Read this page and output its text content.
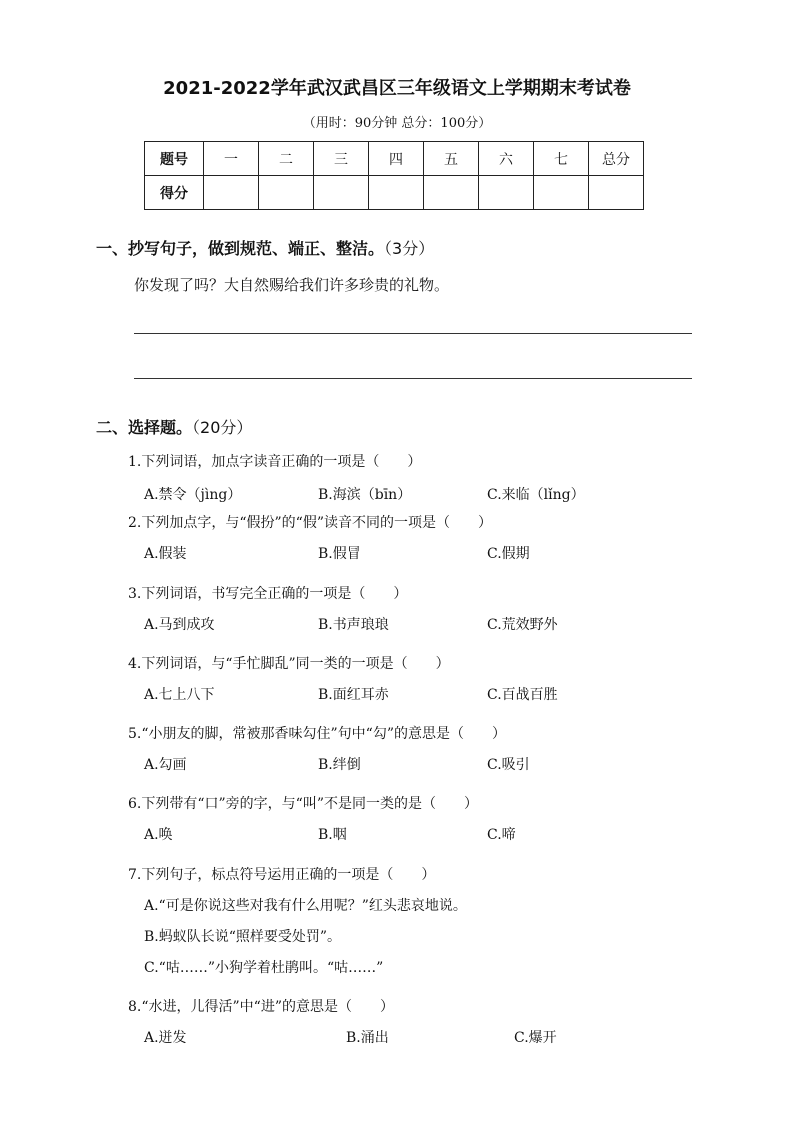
2021-2022学年武汉武昌区三年级语文上学期期末考试卷
（用时：90分钟 总分：100分）
题号	一	二	三	四	五	六	七	总分
得分								
一、抄写句子，做到规范、端正、整洁。（3分）
你发现了吗？大自然赐给我们许多珍贵的礼物。
二、选择题。（20分）
1.下列词语，加点字读音正确的一项是（　　）
A.禁令（jìng）	B.海滨（bīn）	C.来临（lǐng）
2.下列加点字，与“假扮”的“假”读音不同的一项是（　　）
A.假装	B.假冒	C.假期
3.下列词语，书写完全正确的一项是（　　）
A.马到成攻	B.书声琅琅	C.荒效野外
4.下列词语，与“手忙脚乱”同一类的一项是（　　）
A.七上八下	B.面红耳赤	C.百战百胜
5.“小朋友的脚，常被那香味勾住”句中“勾”的意思是（　　）
A.勾画	B.绊倒	C.吸引
6.下列带有“口”旁的字，与“叫”不是同一类的是（　　）
A.唤	B.咽	C.啼
7.下列句子，标点符号运用正确的一项是（　　）
A.“可是你说这些对我有什么用呢？”红头悲哀地说。
B.蚂蚁队长说“照样要受处罚”。
C.“咕……”小狗学着杜鹃叫。“咕……”
8.“水进，儿得活”中“进”的意思是（　　）
A.迸发	B.涌出	C.爆开
